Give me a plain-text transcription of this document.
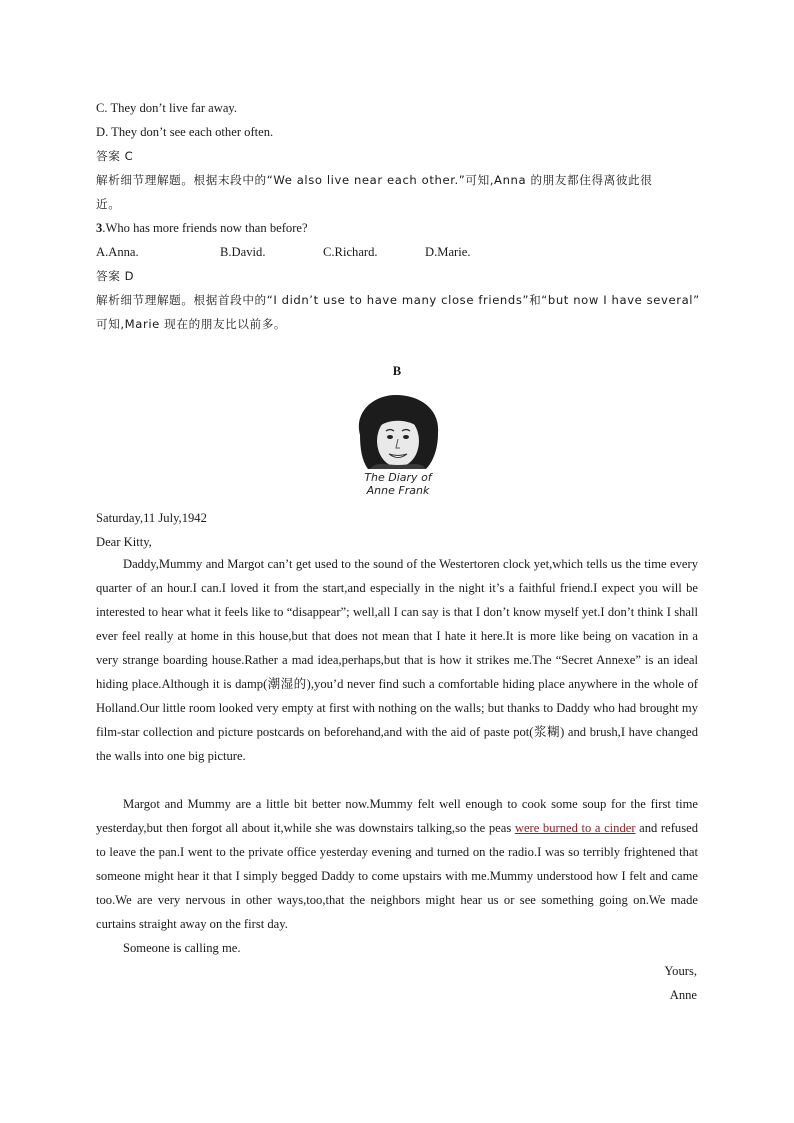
C. They don’t live far away.
D. They don’t see each other often.
答案 C
解析细节理解题。根据末段中的“We also live near each other.”可知,Anna 的朋友都住得离彼此很
近。
3.Who has more friends now than before?
A.Anna.	B.David.	C.Richard.	D.Marie.
答案 D
解析细节理解题。根据首段中的“I didn’t use to have many close friends”和“but now I have several”
可知,Marie 现在的朋友比以前多。
B
The Diary of
Anne Frank
Saturday,11 July,1942
Dear Kitty,
Daddy,Mummy and Margot can’t get used to the sound of the Westertoren clock yet,which tells us the time every quarter of an hour.I can.I loved it from the start,and especially in the night it’s a faithful friend.I expect you will be interested to hear what it feels like to “disappear”; well,all I can say is that I don’t know myself yet.I don’t think I shall ever feel really at home in this house,but that does not mean that I hate it here.It is more like being on vacation in a very strange boarding house.Rather a mad idea,perhaps,but that is how it strikes me.The “Secret Annexe” is an ideal hiding place.Although it is damp(潮湿的),you’d never find such a comfortable hiding place anywhere in the whole of Holland.Our little room looked very empty at first with nothing on the walls; but thanks to Daddy who had brought my film-star collection and picture postcards on beforehand,and with the aid of paste pot(浆糊) and brush,I have changed the walls into one big picture.
Margot and Mummy are a little bit better now.Mummy felt well enough to cook some soup for the first time yesterday,but then forgot all about it,while she was downstairs talking,so the peas were burned to a cinder and refused to leave the pan.I went to the private office yesterday evening and turned on the radio.I was so terribly frightened that someone might hear it that I simply begged Daddy to come upstairs with me.Mummy understood how I felt and came too.We are very nervous in other ways,too,that the neighbors might hear us or see something going on.We made curtains straight away on the first day.
Someone is calling me.
Yours,
Anne
